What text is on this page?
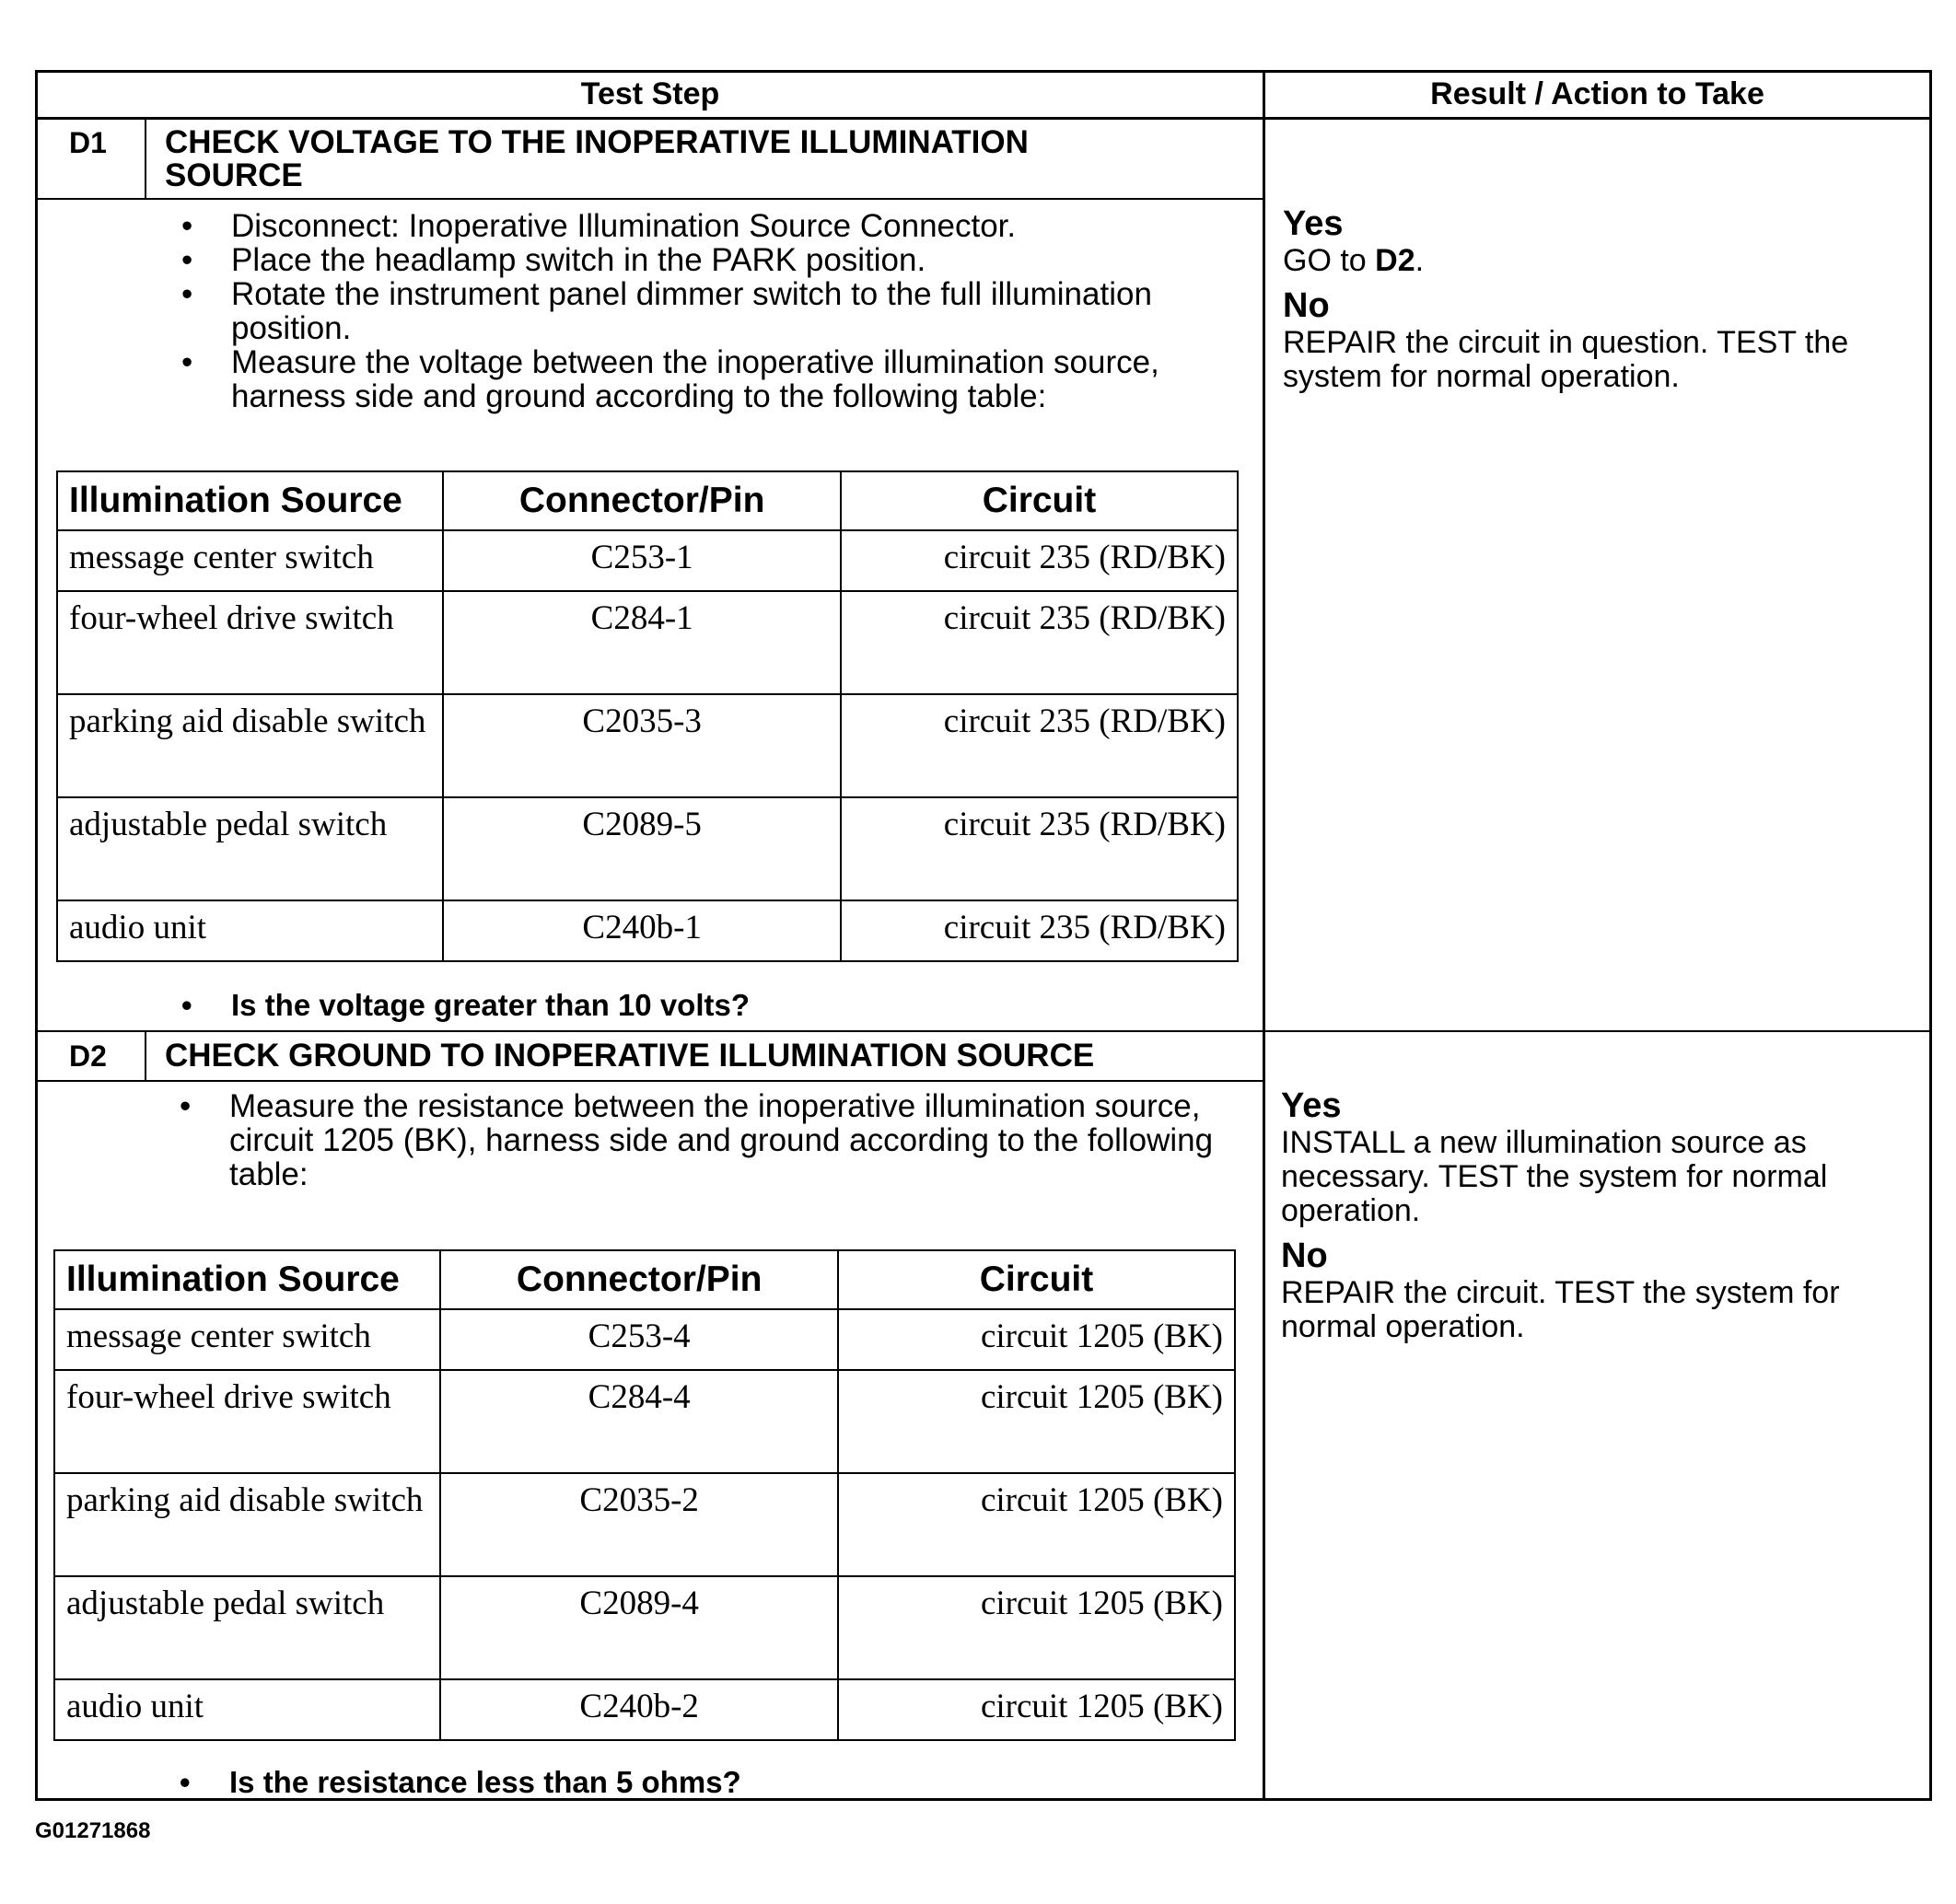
Test Step	Result / Action to Take
D1 CHECK VOLTAGE TO THE INOPERATIVE ILLUMINATION SOURCE
• Disconnect: Inoperative Illumination Source Connector.
• Place the headlamp switch in the PARK position.
• Rotate the instrument panel dimmer switch to the full illumination position.
• Measure the voltage between the inoperative illumination source, harness side and ground according to the following table:
Illumination Source	Connector/Pin	Circuit
message center switch	C253-1	circuit 235 (RD/BK)
four-wheel drive switch	C284-1	circuit 235 (RD/BK)
parking aid disable switch	C2035-3	circuit 235 (RD/BK)
adjustable pedal switch	C2089-5	circuit 235 (RD/BK)
audio unit	C240b-1	circuit 235 (RD/BK)
• Is the voltage greater than 10 volts?
Yes
GO to D2.
No
REPAIR the circuit in question. TEST the system for normal operation.
D2 CHECK GROUND TO INOPERATIVE ILLUMINATION SOURCE
• Measure the resistance between the inoperative illumination source, circuit 1205 (BK), harness side and ground according to the following table:
Illumination Source	Connector/Pin	Circuit
message center switch	C253-4	circuit 1205 (BK)
four-wheel drive switch	C284-4	circuit 1205 (BK)
parking aid disable switch	C2035-2	circuit 1205 (BK)
adjustable pedal switch	C2089-4	circuit 1205 (BK)
audio unit	C240b-2	circuit 1205 (BK)
• Is the resistance less than 5 ohms?
Yes
INSTALL a new illumination source as necessary. TEST the system for normal operation.
No
REPAIR the circuit. TEST the system for normal operation.
G01271868
